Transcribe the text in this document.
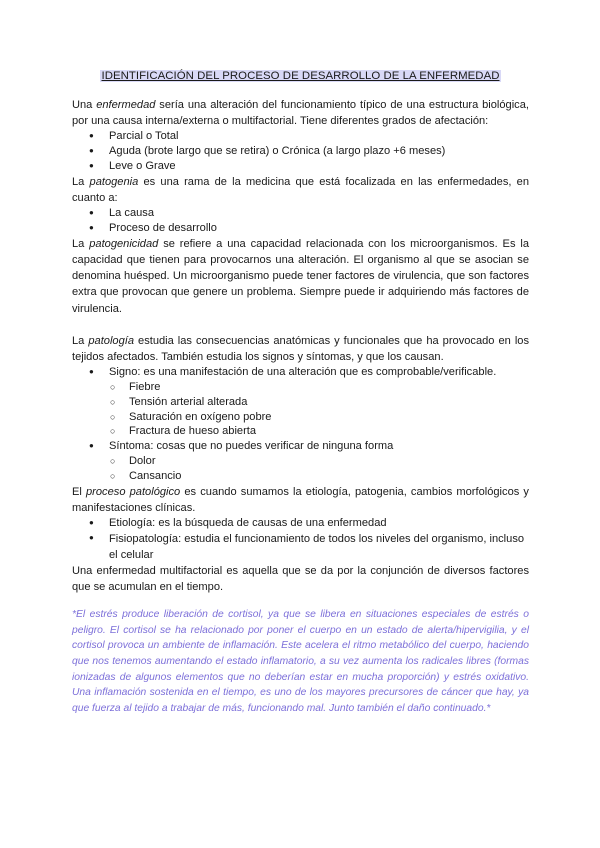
IDENTIFICACIÓN DEL PROCESO DE DESARROLLO DE LA ENFERMEDAD

Una enfermedad sería una alteración del funcionamiento típico de una estructura biológica, por una causa interna/externa o multifactorial. Tiene diferentes grados de afectación:

● Parcial o Total
● Aguda (brote largo que se retira) o Crónica (a largo plazo +6 meses)
● Leve o Grave

La patogenia es una rama de la medicina que está focalizada en las enfermedades, en cuanto a:

● La causa
● Proceso de desarrollo

La patogenicidad se refiere a una capacidad relacionada con los microorganismos. Es la capacidad que tienen para provocarnos una alteración. El organismo al que se asocian se denomina huésped. Un microorganismo puede tener factores de virulencia, que son factores extra que provocan que genere un problema. Siempre puede ir adquiriendo más factores de virulencia.

La patología estudia las consecuencias anatómicas y funcionales que ha provocado en los tejidos afectados. También estudia los signos y síntomas, y que los causan.

● Signo: es una manifestación de una alteración que es comprobable/verificable.
○ Fiebre
○ Tensión arterial alterada
○ Saturación en oxígeno pobre
○ Fractura de hueso abierta
● Síntoma: cosas que no puedes verificar de ninguna forma
○ Dolor
○ Cansancio

El proceso patológico es cuando sumamos la etiología, patogenia, cambios morfológicos y manifestaciones clínicas.

● Etiología: es la búsqueda de causas de una enfermedad
● Fisiopatología: estudia el funcionamiento de todos los niveles del organismo, incluso el celular

Una enfermedad multifactorial es aquella que se da por la conjunción de diversos factores que se acumulan en el tiempo.

*El estrés produce liberación de cortisol, ya que se libera en situaciones especiales de estrés o peligro. El cortisol se ha relacionado por poner el cuerpo en un estado de alerta/hipervigilia, y el cortisol provoca un ambiente de inflamación. Este acelera el ritmo metabólico del cuerpo, haciendo que nos tenemos aumentando el estado inflamatorio, a su vez aumenta los radicales libres (formas ionizadas de algunos elementos que no deberían estar en mucha proporción) y estrés oxidativo. Una inflamación sostenida en el tiempo, es uno de los mayores precursores de cáncer que hay, ya que fuerza al tejido a trabajar de más, funcionando mal. Junto también el daño continuado.*
